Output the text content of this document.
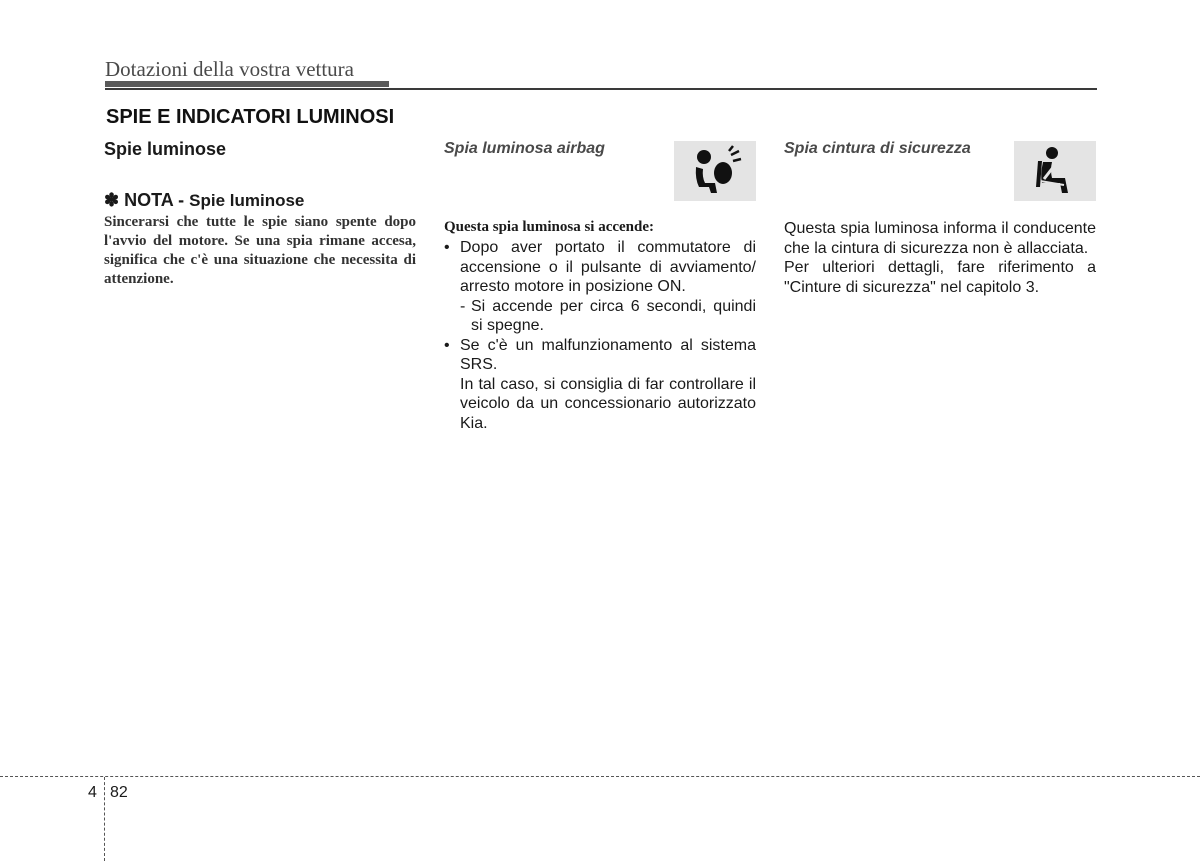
Dotazioni della vostra vettura
SPIE E INDICATORI LUMINOSI
Spie luminose
✽ NOTA - Spie luminose
Sincerarsi che tutte le spie siano spente dopo l'avvio del motore. Se una spia rimane accesa, significa che c'è una situazione che necessita di attenzione.
Spia luminosa airbag
Questa spia luminosa si accende:
• Dopo aver portato il commutatore di accensione o il pulsante di avviamento/ arresto motore in posizione ON.
- Si accende per circa 6 secondi, quindi si spegne.
• Se c'è un malfunzionamento al sistema SRS.
In tal caso, si consiglia di far controllare il veicolo da un concessionario autorizzato Kia.
Spia cintura di sicurezza
Questa spia luminosa informa il conducente che la cintura di sicurezza non è allacciata.
Per ulteriori dettagli, fare riferimento a "Cinture di sicurezza" nel capitolo 3.
4 82
